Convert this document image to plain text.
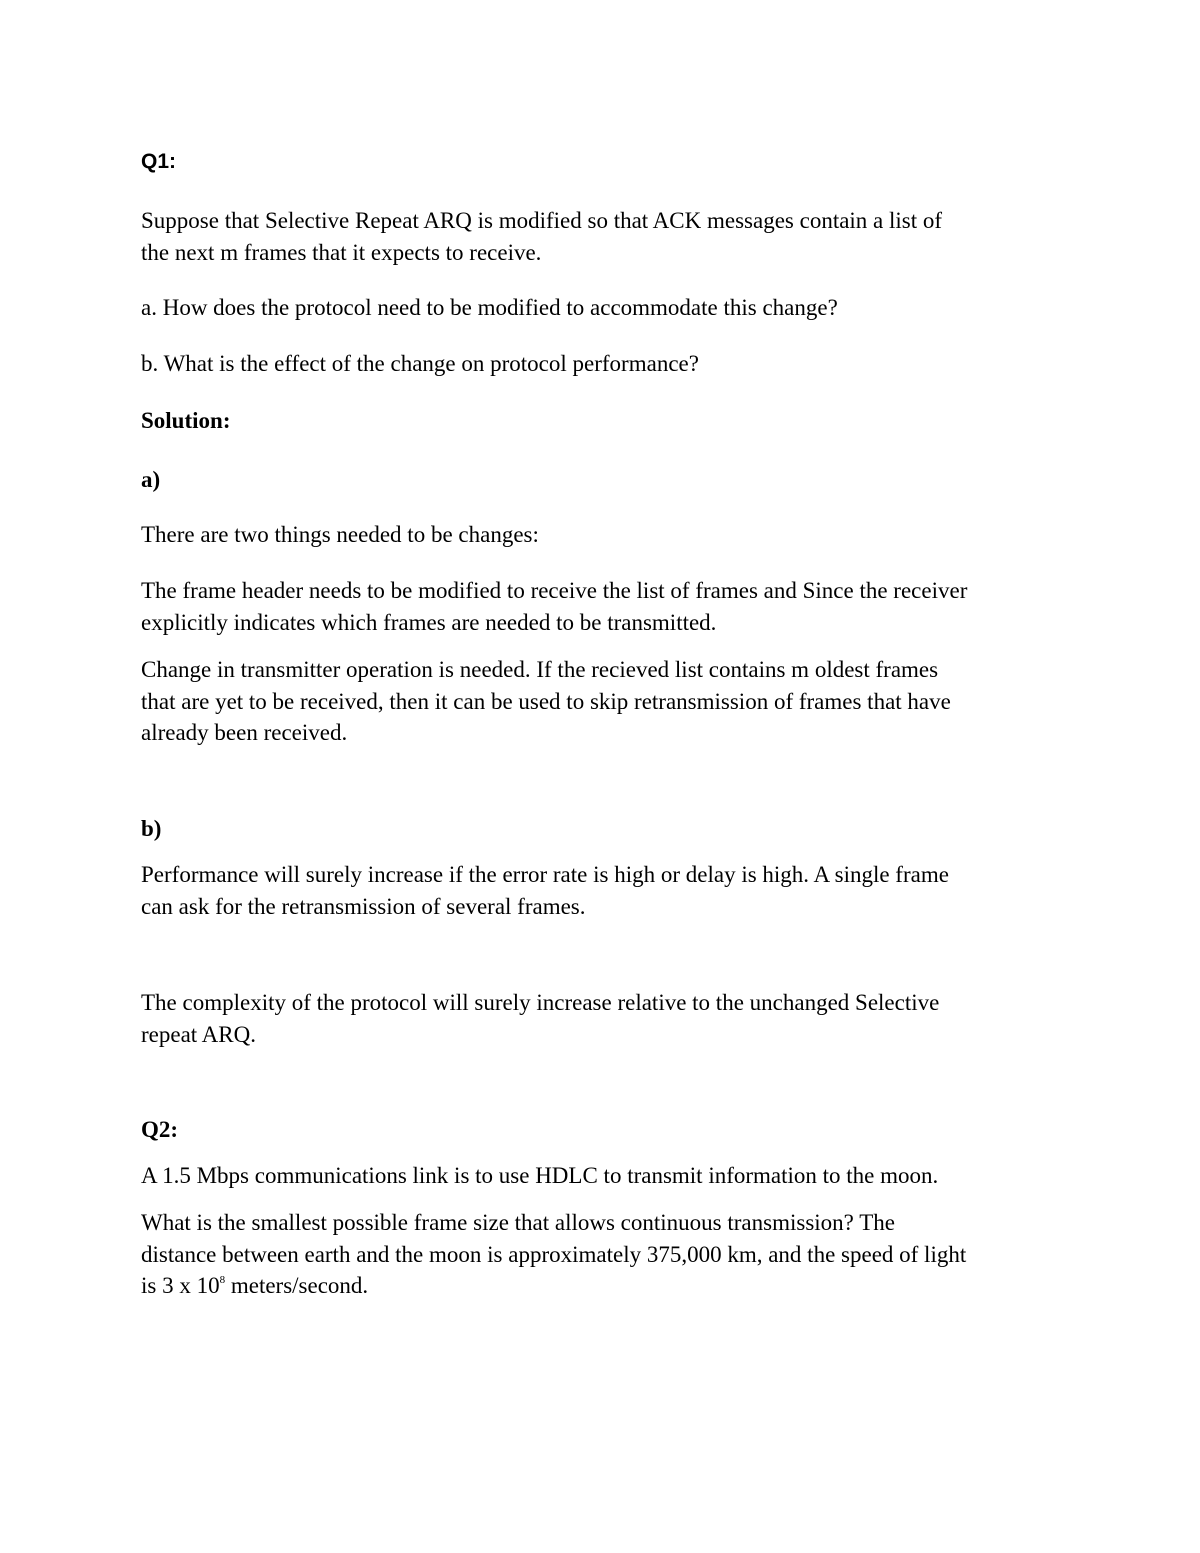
Q1:

Suppose that Selective Repeat ARQ is modified so that ACK messages contain a list of
the next m frames that it expects to receive.

a. How does the protocol need to be modified to accommodate this change?

b. What is the effect of the change on protocol performance?

Solution:

a)

There are two things needed to be changes:

The frame header needs to be modified to receive the list of frames and Since the receiver
explicitly indicates which frames are needed to be transmitted.

Change in transmitter operation is needed. If the recieved list contains m oldest frames
that are yet to be received, then it can be used to skip retransmission of frames that have
already been received.

b)

Performance will surely increase if the error rate is high or delay is high. A single frame
can ask for the retransmission of several frames.

The complexity of the protocol will surely increase relative to the unchanged Selective
repeat ARQ.

Q2:

A 1.5 Mbps communications link is to use HDLC to transmit information to the moon.

What is the smallest possible frame size that allows continuous transmission? The
distance between earth and the moon is approximately 375,000 km, and the speed of light
is 3 x $10^8$ meters/second.
